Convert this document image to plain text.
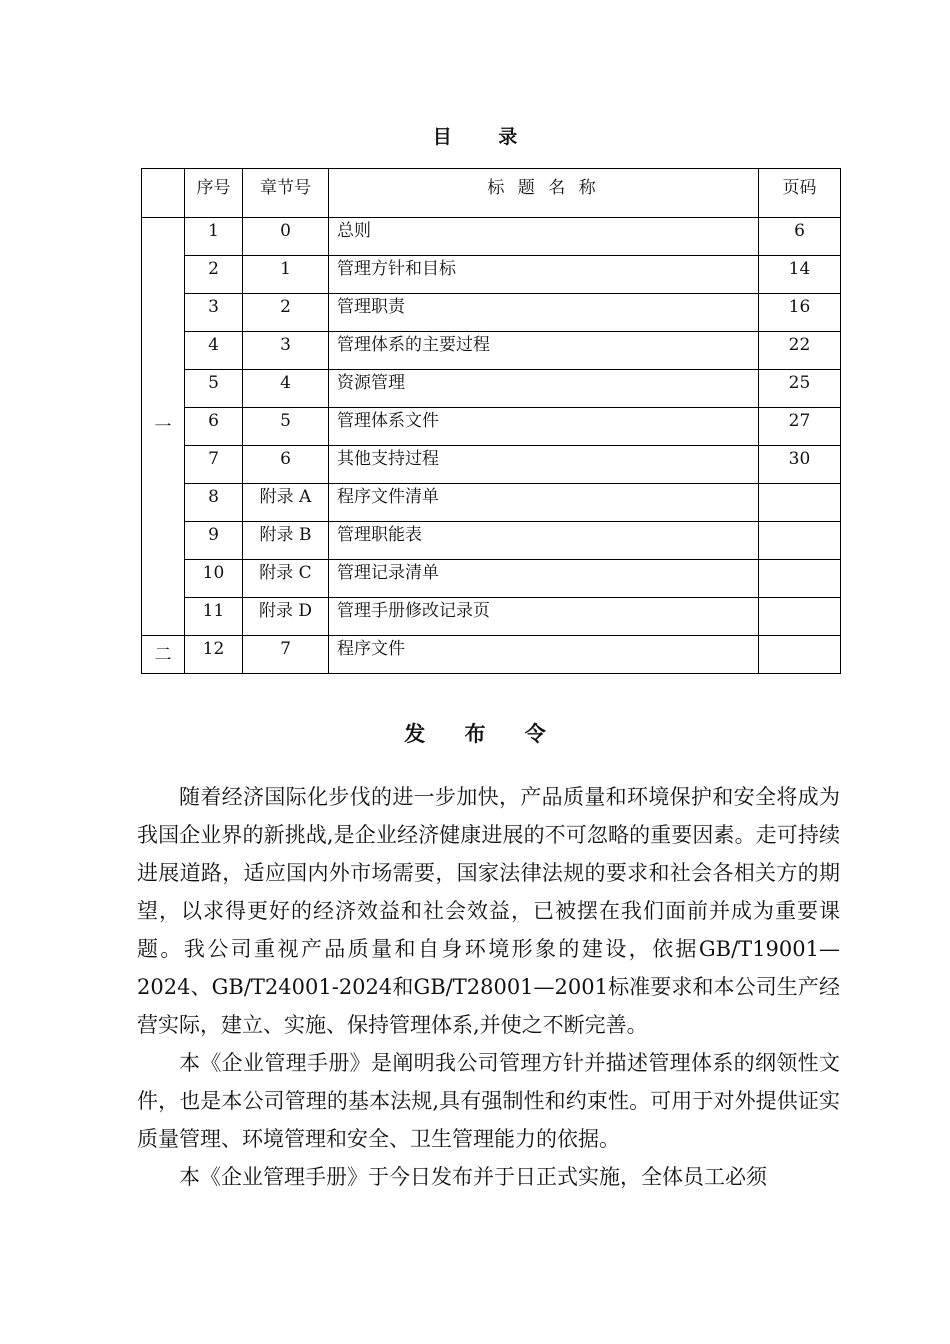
目 录
	序号	章节号	标 题 名 称	页码
一	1	0	总则	6
	2	1	管理方针和目标	14
	3	2	管理职责	16
	4	3	管理体系的主要过程	22
	5	4	资源管理	25
	6	5	管理体系文件	27
	7	6	其他支持过程	30
	8	附录 A	程序文件清单	
	9	附录 B	管理职能表	
	10	附录 C	管理记录清单	
	11	附录 D	管理手册修改记录页	
二	12	7	程序文件	
发 布 令

随着经济国际化步伐的进一步加快，产品质量和环境保护和安全将成为我国企业界的新挑战,是企业经济健康进展的不可忽略的重要因素。走可持续进展道路，适应国内外市场需要，国家法律法规的要求和社会各相关方的期望，以求得更好的经济效益和社会效益，已被摆在我们面前并成为重要课题。我公司重视产品质量和自身环境形象的建设，依据GB/T19001—2024、GB/T24001-2024和GB/T28001—2001标准要求和本公司生产经营实际，建立、实施、保持管理体系,并使之不断完善。

本《企业管理手册》是阐明我公司管理方针并描述管理体系的纲领性文件，也是本公司管理的基本法规,具有强制性和约束性。可用于对外提供证实质量管理、环境管理和安全、卫生管理能力的依据。

本《企业管理手册》于今日发布并于日正式实施，全体员工必须
